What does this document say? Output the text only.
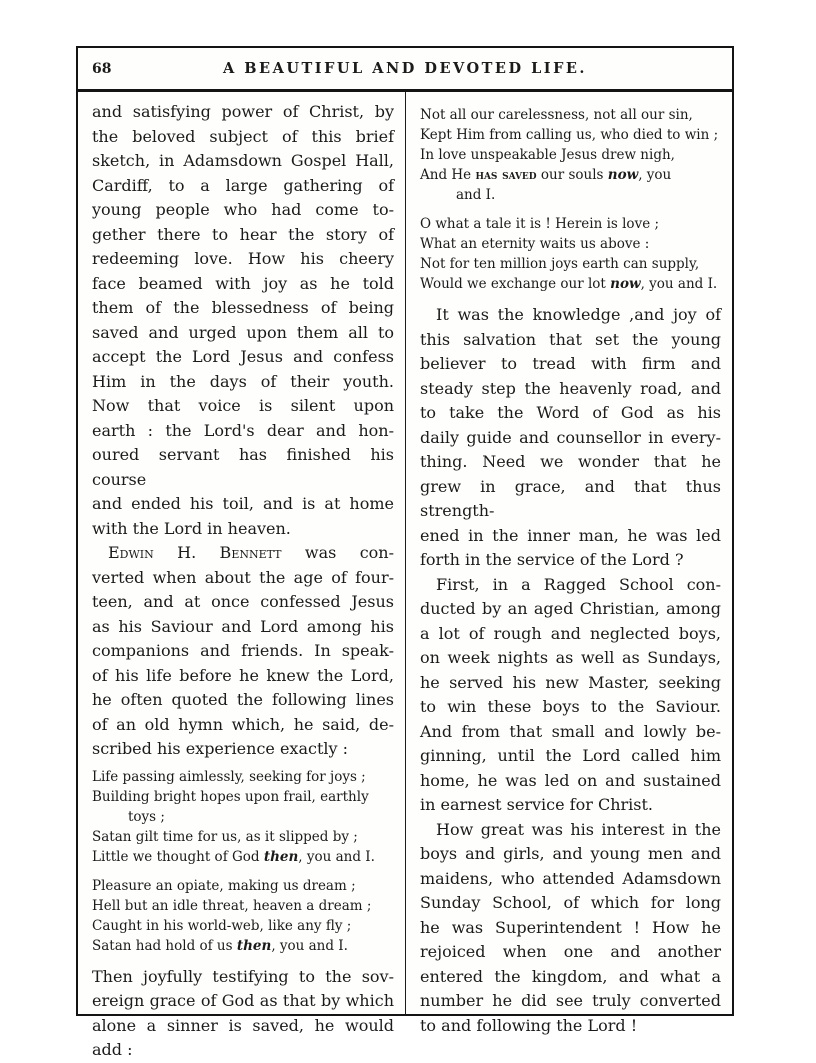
68	A BEAUTIFUL AND DEVOTED LIFE.
and satisfying power of Christ, by
the beloved subject of this brief
sketch, in Adamsdown Gospel Hall,
Cardiff, to a large gathering of
young people who had come to-
gether there to hear the story of
redeeming love. How his cheery
face beamed with joy as he told
them of the blessedness of being
saved and urged upon them all to
accept the Lord Jesus and confess
Him in the days of their youth.
Now that voice is silent upon
earth : the Lord's dear and hon-
oured servant has finished his course
and ended his toil, and is at home
with the Lord in heaven.
Edwin H. Bennett was con-
verted when about the age of four-
teen, and at once confessed Jesus
as his Saviour and Lord among his
companions and friends. In speak-
of his life before he knew the Lord,
he often quoted the following lines
of an old hymn which, he said, de-
scribed his experience exactly :
Life passing aimlessly, seeking for joys ;
Building bright hopes upon frail, earthly
toys ;
Satan gilt time for us, as it slipped by ;
Little we thought of God then, you and I.
Pleasure an opiate, making us dream ;
Hell but an idle threat, heaven a dream ;
Caught in his world-web, like any fly ;
Satan had hold of us then, you and I.
Then joyfully testifying to the sov-
ereign grace of God as that by which
alone a sinner is saved, he would add :
Not all our carelessness, not all our sin,
Kept Him from calling us, who died to win ;
In love unspeakable Jesus drew nigh,
And He has saved our souls now, you
and I.
O what a tale it is ! Herein is love ;
What an eternity waits us above :
Not for ten million joys earth can supply,
Would we exchange our lot now, you and I.
It was the knowledge ,and joy of
this salvation that set the young
believer to tread with firm and
steady step the heavenly road, and
to take the Word of God as his
daily guide and counsellor in every-
thing. Need we wonder that he
grew in grace, and that thus strength-
ened in the inner man, he was led
forth in the service of the Lord ?
First, in a Ragged School con-
ducted by an aged Christian, among
a lot of rough and neglected boys,
on week nights as well as Sundays,
he served his new Master, seeking
to win these boys to the Saviour.
And from that small and lowly be-
ginning, until the Lord called him
home, he was led on and sustained
in earnest service for Christ.
How great was his interest in the
boys and girls, and young men and
maidens, who attended Adamsdown
Sunday School, of which for long
he was Superintendent ! How he
rejoiced when one and another
entered the kingdom, and what a
number he did see truly converted
to and following the Lord !
